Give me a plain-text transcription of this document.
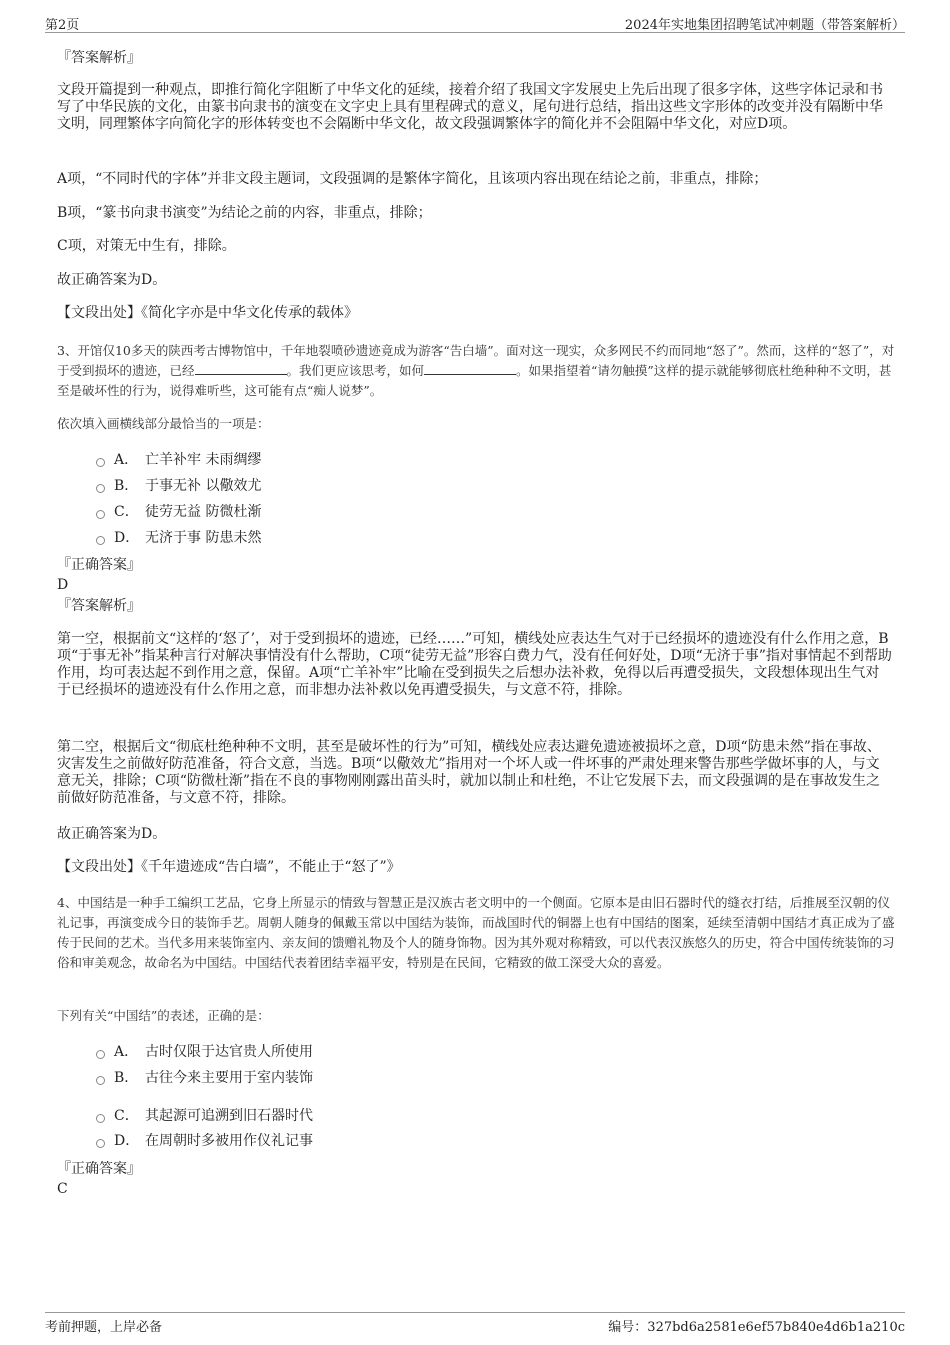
第2页	2024年实地集团招聘笔试冲刺题（带答案解析）

『答案解析』

文段开篇提到一种观点，即推行简化字阻断了中华文化的延续，接着介绍了我国文字发展史上先后出现了很多字体，这些字体记录和书写了中华民族的文化，由篆书向隶书的演变在文字史上具有里程碑式的意义，尾句进行总结，指出这些文字形体的改变并没有隔断中华文明，同理繁体字向简化字的形体转变也不会隔断中华文化，故文段强调繁体字的简化并不会阻隔中华文化，对应D项。

A项，“不同时代的字体”并非文段主题词，文段强调的是繁体字简化，且该项内容出现在结论之前，非重点，排除；

B项，“篆书向隶书演变”为结论之前的内容，非重点，排除；

C项，对策无中生有，排除。

故正确答案为D。

【文段出处】《简化字亦是中华文化传承的载体》

3、开馆仅10多天的陕西考古博物馆中，千年地裂喷砂遗迹竟成为游客“告白墙”。面对这一现实，众多网民不约而同地“怒了”。然而，这样的“怒了”，对于受到损坏的遗迹，已经	。我们更应该思考，如何	。如果指望着“请勿触摸”这样的提示就能够彻底杜绝种种不文明，甚至是破坏性的行为，说得难听些，这可能有点“痴人说梦”。

依次填入画横线部分最恰当的一项是：

A． 亡羊补牢 未雨绸缪
B． 于事无补 以儆效尤
C． 徒劳无益 防微杜渐
D． 无济于事 防患未然

『正确答案』

D

『答案解析』

第一空，根据前文“这样的‘怒了’，对于受到损坏的遗迹，已经……”可知，横线处应表达生气对于已经损坏的遗迹没有什么作用之意，B项“于事无补”指某种言行对解决事情没有什么帮助，C项“徒劳无益”形容白费力气，没有任何好处，D项“无济于事”指对事情起不到帮助作用，均可表达起不到作用之意，保留。A项“亡羊补牢”比喻在受到损失之后想办法补救，免得以后再遭受损失，文段想体现出生气对于已经损坏的遗迹没有什么作用之意，而非想办法补救以免再遭受损失，与文意不符，排除。

第二空，根据后文“彻底杜绝种种不文明，甚至是破坏性的行为”可知，横线处应表达避免遗迹被损坏之意，D项“防患未然”指在事故、灾害发生之前做好防范准备，符合文意，当选。B项“以儆效尤”指用对一个坏人或一件坏事的严肃处理来警告那些学做坏事的人，与文意无关，排除；C项“防微杜渐”指在不良的事物刚刚露出苗头时，就加以制止和杜绝，不让它发展下去，而文段强调的是在事故发生之前做好防范准备，与文意不符，排除。

故正确答案为D。

【文段出处】《千年遗迹成“告白墙”，不能止于“怒了”》

4、中国结是一种手工编织工艺品，它身上所显示的情致与智慧正是汉族古老文明中的一个侧面。它原本是由旧石器时代的缝衣打结，后推展至汉朝的仪礼记事，再演变成今日的装饰手艺。周朝人随身的佩戴玉常以中国结为装饰，而战国时代的铜器上也有中国结的图案，延续至清朝中国结才真正成为了盛传于民间的艺术。当代多用来装饰室内、亲友间的馈赠礼物及个人的随身饰物。因为其外观对称精致，可以代表汉族悠久的历史，符合中国传统装饰的习俗和审美观念，故命名为中国结。中国结代表着团结幸福平安，特别是在民间，它精致的做工深受大众的喜爱。

下列有关“中国结”的表述，正确的是：

A． 古时仅限于达官贵人所使用
B． 古往今来主要用于室内装饰
C． 其起源可追溯到旧石器时代
D． 在周朝时多被用作仪礼记事

『正确答案』

C

考前押题，上岸必备	编号：327bd6a2581e6ef57b840e4d6b1a210c
